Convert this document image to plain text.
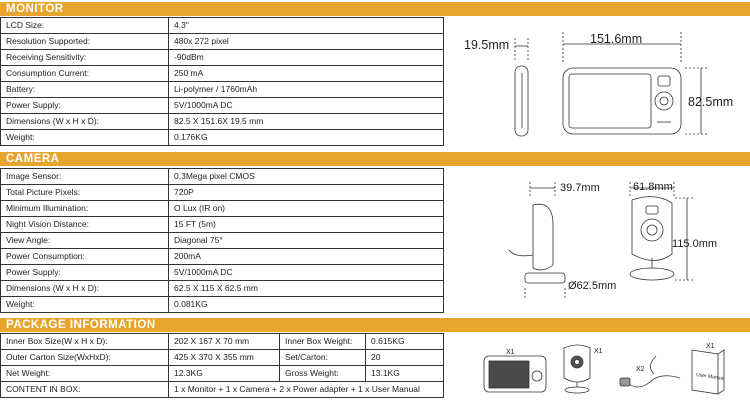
MONITOR
LCD Size:	4.3"
Resolution Supported:	480x 272 pixel
Receiving Sensitivity:	-90dBm
Consumption Current:	250 mA
Battery:	Li-polymer / 1760mAh
Power Supply:	5V/1000mA DC
Dimensions (W x H x D):	82.5 X 151.6X 19.5 mm
Weight:	0.176KG
CAMERA
Image Sensor:	0.3Mega pixel CMOS
Total Picture Pixels:	720P
Minimum Illumination:	O Lux (IR on)
Night Vision Distance:	15 FT (5m)
View Angle:	Diagonal 75°
Power Consumption:	200mA
Power Supply:	5V/1000mA DC
Dimensions (W x H x D):	62.5 X 115 X 62.5 mm
Weight:	0.081KG
PACKAGE INFORMATION
Inner Box Size(W x H x D):	202 X 167 X 70 mm	Inner Box Weight:	0.615KG
Outer Carton Size(WxHxD):	425 X 370 X 355 mm	Set/Carton:	20
Net Weight:	12.3KG	Gross Weight:	13.1KG
CONTENT IN BOX:	1 x Monitor + 1 x Camera + 2 x Power adapter + 1 x User Manual		
19.5mm	151.6mm
82.5mm
39.7mm	61.8mm
115.0mm
Ø62.5mm
X1	X1
X2
X1
User Manual
